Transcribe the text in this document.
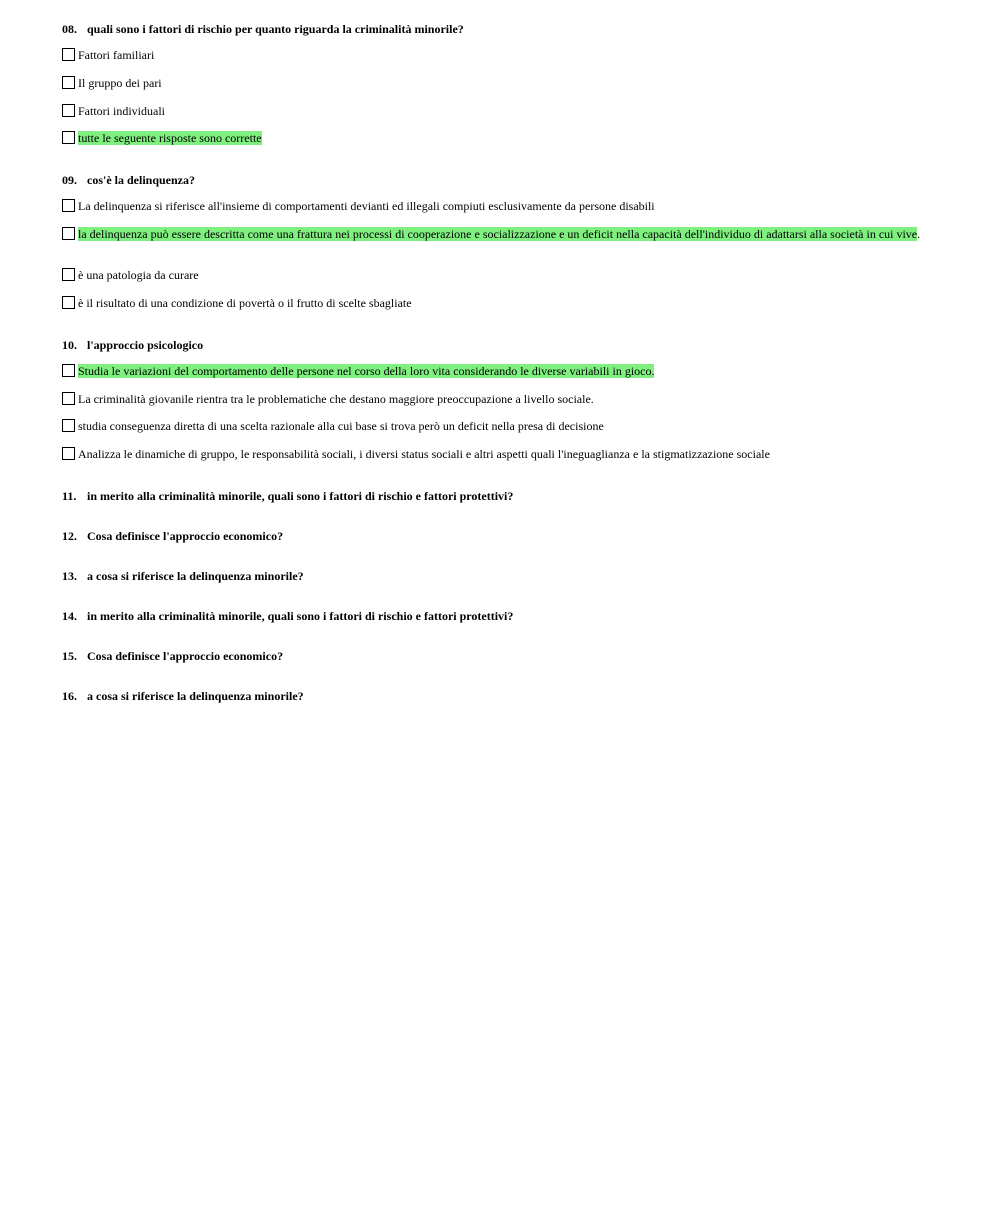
08. quali sono i fattori di rischio per quanto riguarda la criminalità minorile?
Fattori familiari
Il gruppo dei pari
Fattori individuali
tutte le seguente risposte sono corrette
09. cos'è la delinquenza?
La delinquenza si riferisce all'insieme di comportamenti devianti ed illegali compiuti esclusivamente da persone disabili
la delinquenza può essere descritta come una frattura nei processi di cooperazione e socializzazione e un deficit nella capacità dell'individuo di adattarsi alla società in cui vive.
è una patologia da curare
è il risultato di una condizione di povertà o il frutto di scelte sbagliate
10. l'approccio psicologico
Studia le variazioni del comportamento delle persone nel corso della loro vita considerando le diverse variabili in gioco.
La criminalità giovanile rientra tra le problematiche che destano maggiore preoccupazione a livello sociale.
studia conseguenza diretta di una scelta razionale alla cui base si trova però un deficit nella presa di decisione
Analizza le dinamiche di gruppo, le responsabilità sociali, i diversi status sociali e altri aspetti quali l'ineguaglianza e la stigmatizzazione sociale
11. in merito alla criminalità minorile, quali sono i fattori di rischio e fattori protettivi?
12. Cosa definisce l'approccio economico?
13. a cosa si riferisce la delinquenza minorile?
14. in merito alla criminalità minorile, quali sono i fattori di rischio e fattori protettivi?
15. Cosa definisce l'approccio economico?
16. a cosa si riferisce la delinquenza minorile?
